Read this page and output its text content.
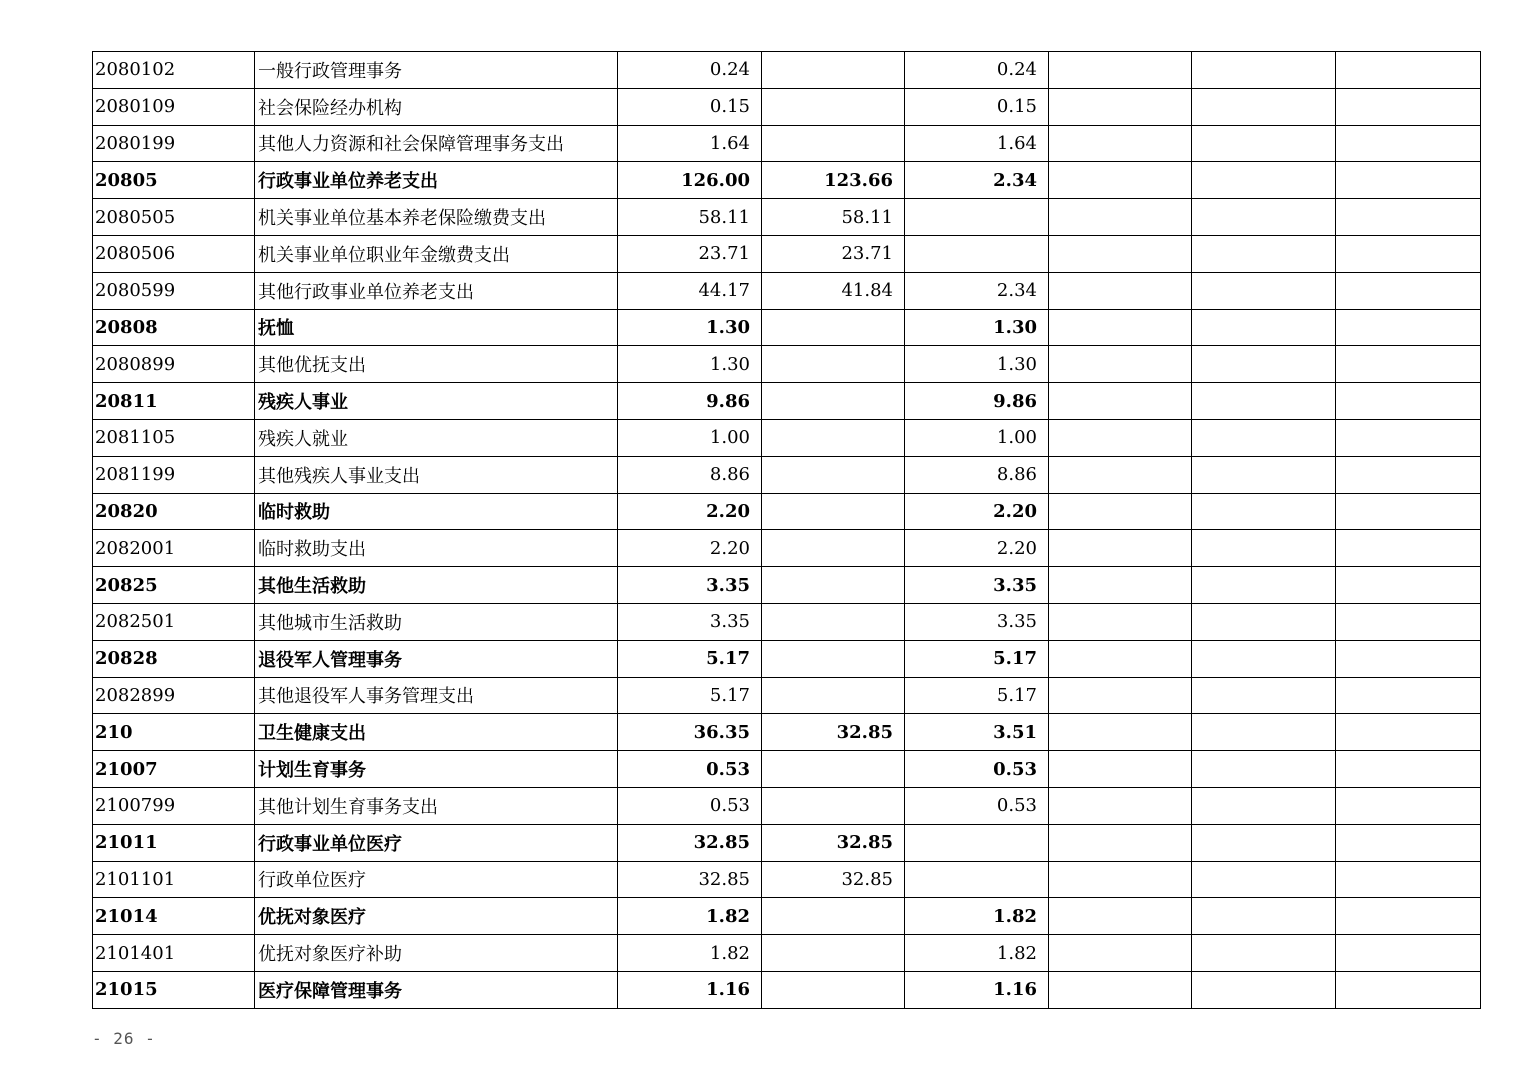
2080102	一般行政管理事务	0.24		0.24			
2080109	社会保险经办机构	0.15		0.15			
2080199	其他人力资源和社会保障管理事务支出	1.64		1.64			
20805	行政事业单位养老支出	126.00	123.66	2.34			
2080505	机关事业单位基本养老保险缴费支出	58.11	58.11				
2080506	机关事业单位职业年金缴费支出	23.71	23.71				
2080599	其他行政事业单位养老支出	44.17	41.84	2.34			
20808	抚恤	1.30		1.30			
2080899	其他优抚支出	1.30		1.30			
20811	残疾人事业	9.86		9.86			
2081105	残疾人就业	1.00		1.00			
2081199	其他残疾人事业支出	8.86		8.86			
20820	临时救助	2.20		2.20			
2082001	临时救助支出	2.20		2.20			
20825	其他生活救助	3.35		3.35			
2082501	其他城市生活救助	3.35		3.35			
20828	退役军人管理事务	5.17		5.17			
2082899	其他退役军人事务管理支出	5.17		5.17			
210	卫生健康支出	36.35	32.85	3.51			
21007	计划生育事务	0.53		0.53			
2100799	其他计划生育事务支出	0.53		0.53			
21011	行政事业单位医疗	32.85	32.85				
2101101	行政单位医疗	32.85	32.85				
21014	优抚对象医疗	1.82		1.82			
2101401	优抚对象医疗补助	1.82		1.82			
21015	医疗保障管理事务	1.16		1.16			
- 26 -
